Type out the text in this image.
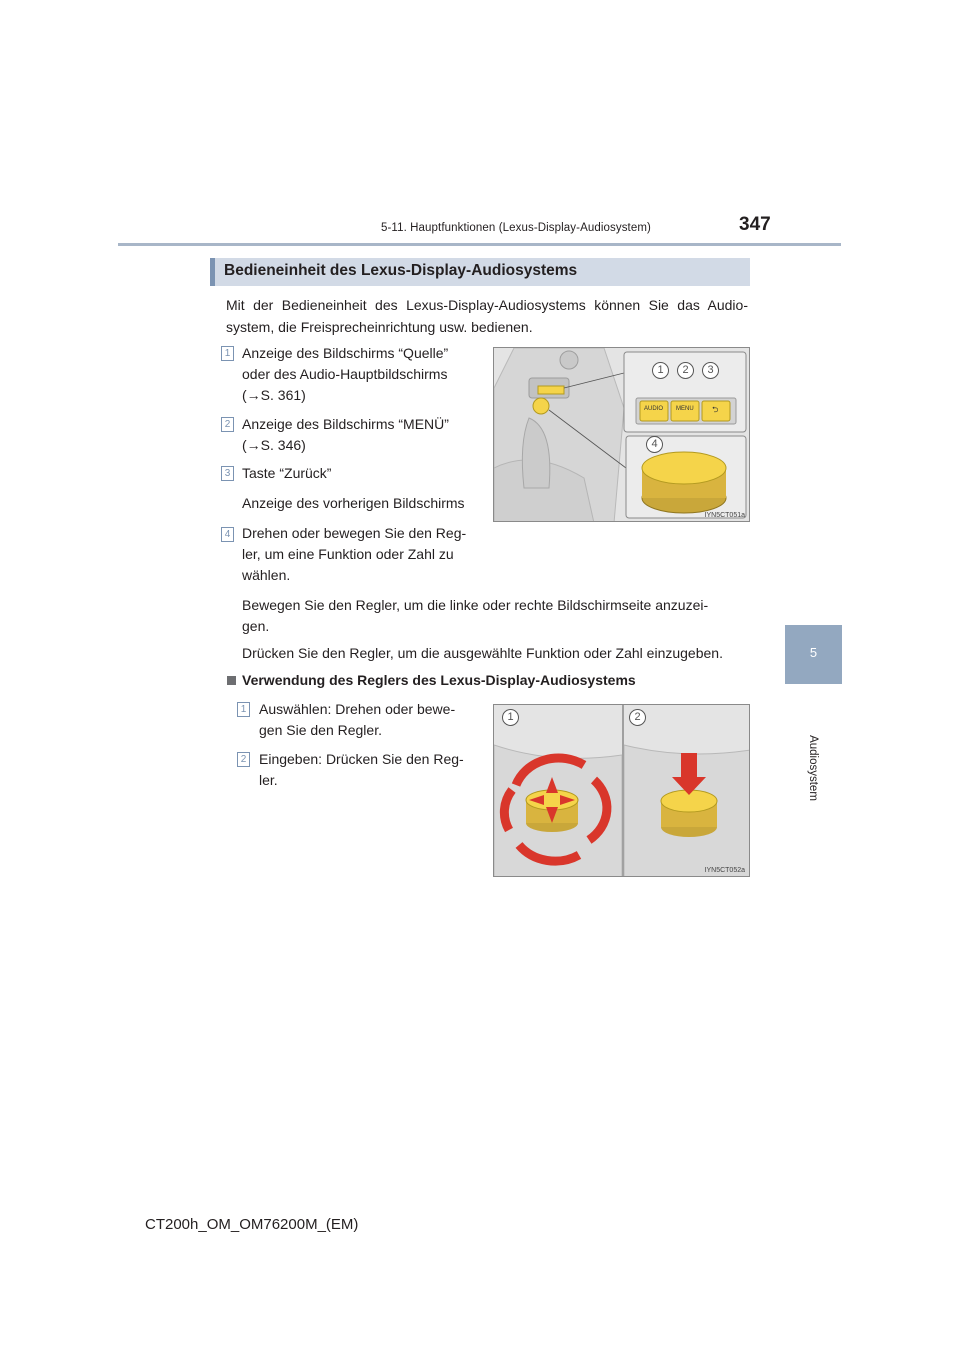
5-11. Hauptfunktionen (Lexus-Display-Audiosystem)	347
5
Audiosystem
Bedieneinheit des Lexus-Display-Audiosystems

Mit der Bedieneinheit des Lexus-Display-Audiosystems können Sie das Audio-system, die Freisprecheinrichtung usw. bedienen.

1 Anzeige des Bildschirms “Quelle”
oder des Audio-Hauptbildschirms
(→S. 361)
2 Anzeige des Bildschirms “MENÜ”
(→S. 346)
3 Taste “Zurück”
Anzeige des vorherigen Bildschirms
4 Drehen oder bewegen Sie den Reg-
ler, um eine Funktion oder Zahl zu
wählen.
Bewegen Sie den Regler, um die linke oder rechte Bildschirmseite anzuzei-
gen.
Drücken Sie den Regler, um die ausgewählte Funktion oder Zahl einzugeben.
Verwendung des Reglers des Lexus-Display-Audiosystems
1 Auswählen: Drehen oder bewe-
gen Sie den Regler.
2 Eingeben: Drücken Sie den Reg-
ler.
AUDIO MENU ⮌
1	2	3
4
IYN5CT051a
1	2
IYN5CT052a
CT200h_OM_OM76200M_(EM)
